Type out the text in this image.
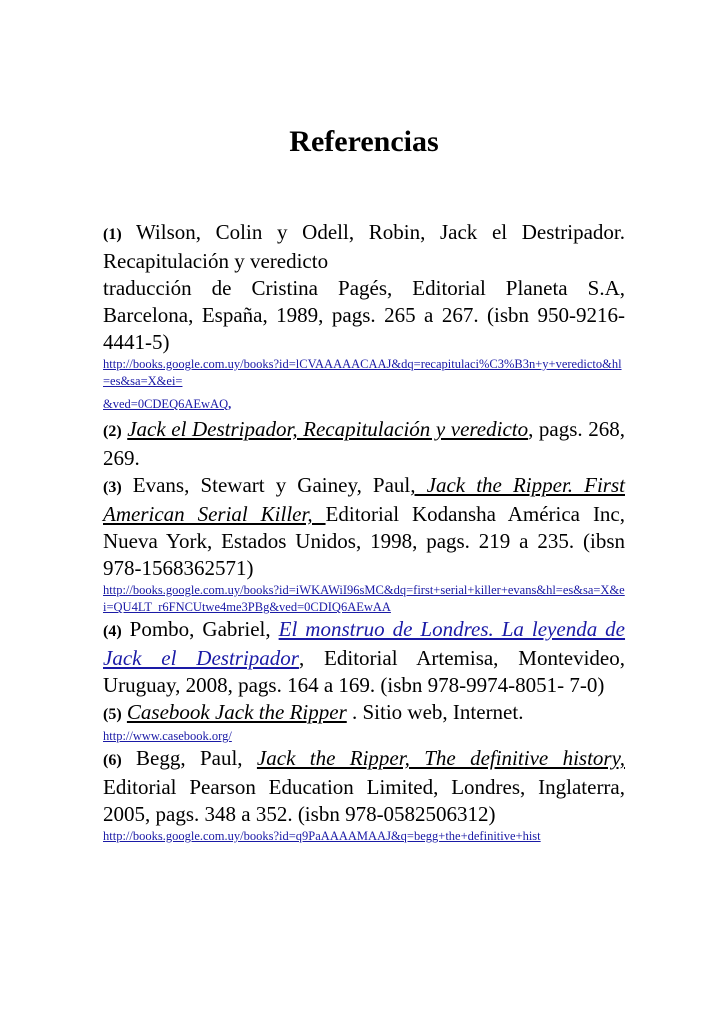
Referencias

(1) Wilson, Colin y Odell, Robin, Jack el Destripador. Recapitulación y veredicto
traducción de Cristina Pagés, Editorial Planeta S.A, Barcelona, España, 1989, pags. 265 a 267. (isbn 950-9216-4441-5)

http://books.google.com.uy/books?id=lCVAAAAACAAJ&dq=recapitulaci%C3%B3n+y+veredicto&hl=es&sa=X&ei=

&ved=0CDEQ6AEwAQ,

(2) Jack el Destripador, Recapitulación y veredicto, pags. 268, 269.

(3) Evans, Stewart y Gainey, Paul, Jack the Ripper. First American Serial Killer, Editorial Kodansha América Inc, Nueva York, Estados Unidos, 1998, pags. 219 a 235. (ibsn 978-1568362571)

http://books.google.com.uy/books?id=iWKAWiI96sMC&dq=first+serial+killer+evans&hl=es&sa=X&ei=QU4LT_r6FNCUtwe4me3PBg&ved=0CDIQ6AEwAA

(4) Pombo, Gabriel, El monstruo de Londres. La leyenda de Jack el Destripador, Editorial Artemisa, Montevideo, Uruguay, 2008, pags. 164 a 169. (isbn 978-9974-8051- 7-0)

(5) Casebook Jack the Ripper . Sitio web, Internet.

http://www.casebook.org/

(6) Begg, Paul, Jack the Ripper, The definitive history, Editorial Pearson Education Limited, Londres, Inglaterra, 2005, pags. 348 a 352. (isbn 978-0582506312)

http://books.google.com.uy/books?id=q9PaAAAAMAAJ&q=begg+the+definitive+hist
